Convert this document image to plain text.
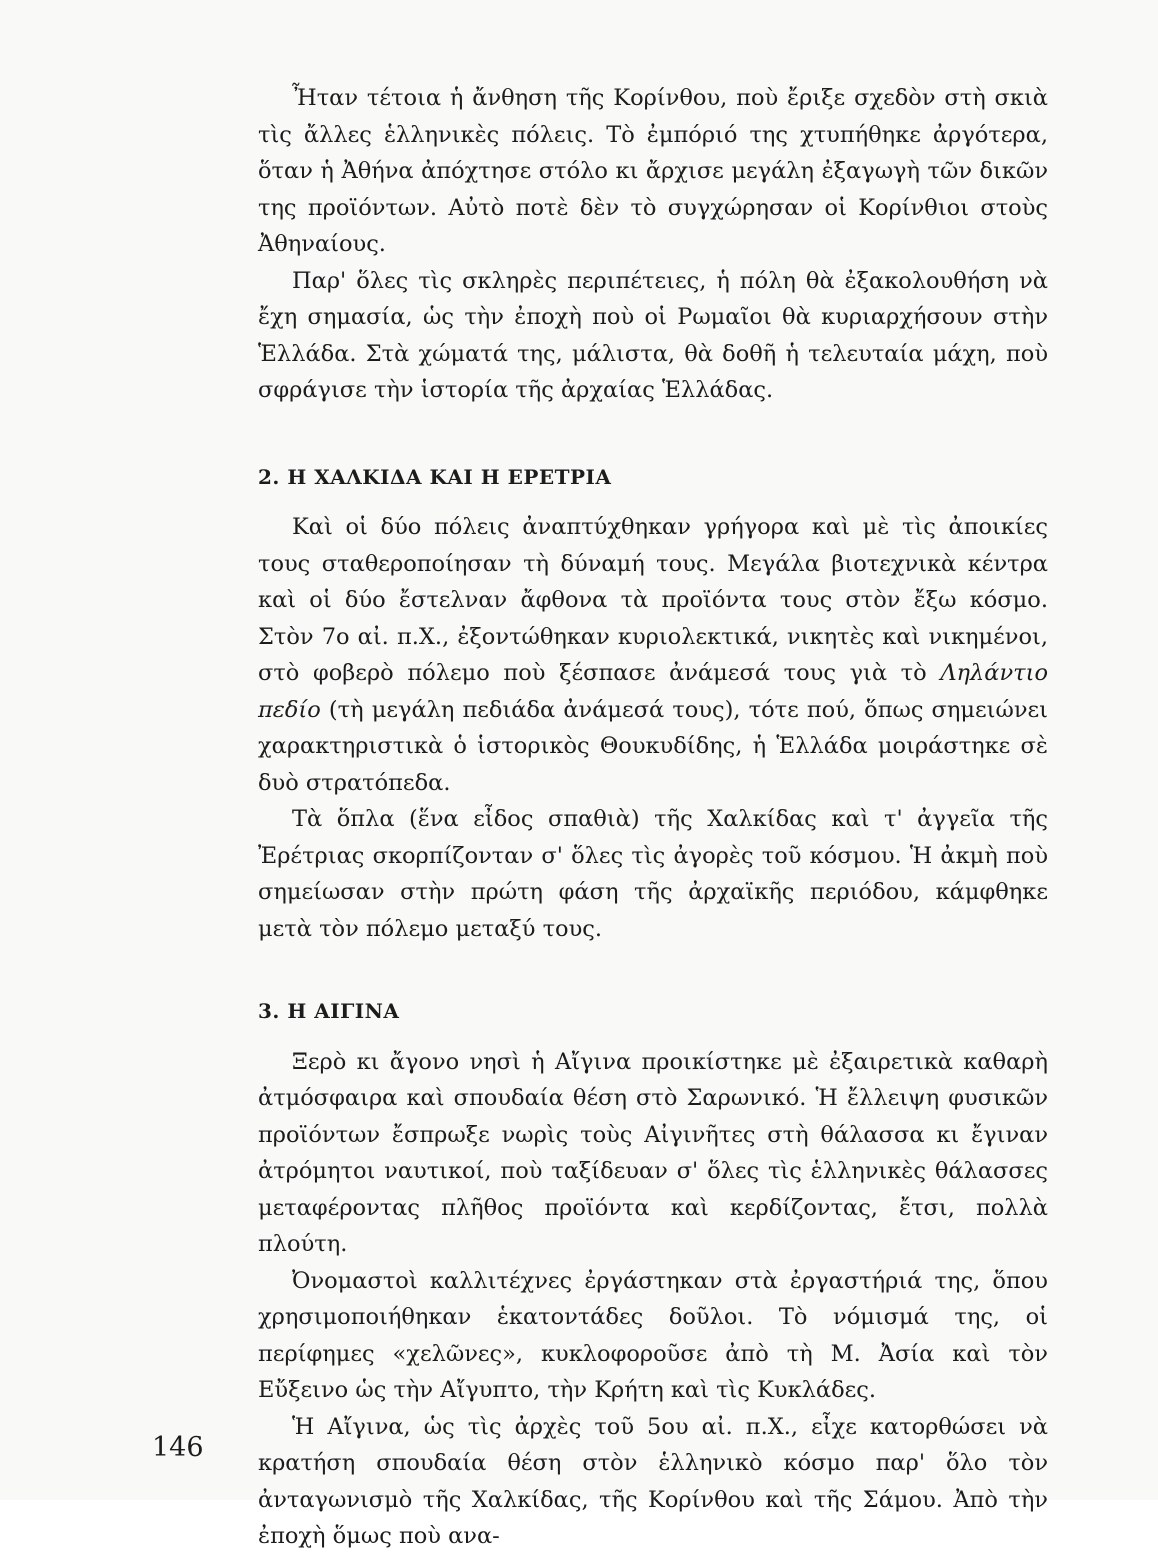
Ἦταν τέτοια ἡ ἄνθηση τῆς Κορίνθου, ποὺ ἔριξε σχεδὸν στὴ σκιὰ τὶς ἄλλες ἑλληνικὲς πόλεις. Τὸ ἐμπόριό της χτυπήθηκε ἀργότερα, ὅταν ἡ Ἀθήνα ἀπόχτησε στόλο κι ἄρχισε μεγάλη ἐξαγωγὴ τῶν δικῶν της προϊόντων. Αὐτὸ ποτὲ δὲν τὸ συγχώρησαν οἱ Κορίνθιοι στοὺς Ἀθηναίους.

Παρ' ὅλες τὶς σκληρὲς περιπέτειες, ἡ πόλη θὰ ἐξακολουθήση νὰ ἔχη σημασία, ὡς τὴν ἐποχὴ ποὺ οἱ Ρωμαῖοι θὰ κυριαρχήσουν στὴν Ἑλλάδα. Στὰ χώματά της, μάλιστα, θὰ δοθῆ ἡ τελευταία μάχη, ποὺ σφράγισε τὴν ἱστορία τῆς ἀρχαίας Ἑλλάδας.

2. Η ΧΑΛΚΙΔΑ ΚΑΙ Η ΕΡΕΤΡΙΑ

Καὶ οἱ δύο πόλεις ἀναπτύχθηκαν γρήγορα καὶ μὲ τὶς ἀποικίες τους σταθεροποίησαν τὴ δύναμή τους. Μεγάλα βιοτεχνικὰ κέντρα καὶ οἱ δύο ἔστελναν ἄφθονα τὰ προϊόντα τους στὸν ἔξω κόσμο. Στὸν 7ο αἰ. π.Χ., ἐξοντώθηκαν κυριολεκτικά, νικητὲς καὶ νικημένοι, στὸ φοβερὸ πόλεμο ποὺ ξέσπασε ἀνάμεσά τους γιὰ τὸ Ληλάντιο πεδίο (τὴ μεγάλη πεδιάδα ἀνάμεσά τους), τότε πού, ὅπως σημειώνει χαρακτηριστικὰ ὁ ἱστορικὸς Θουκυδίδης, ἡ Ἑλλάδα μοιράστηκε σὲ δυὸ στρατόπεδα.

Τὰ ὅπλα (ἕνα εἶδος σπαθιὰ) τῆς Χαλκίδας καὶ τ' ἀγγεῖα τῆς Ἐρέτριας σκορπίζονταν σ' ὅλες τὶς ἀγορὲς τοῦ κόσμου. Ἡ ἀκμὴ ποὺ σημείωσαν στὴν πρώτη φάση τῆς ἀρχαϊκῆς περιόδου, κάμφθηκε μετὰ τὸν πόλεμο μεταξύ τους.

3. Η ΑΙΓΙΝΑ

Ξερὸ κι ἄγονο νησὶ ἡ Αἴγινα προικίστηκε μὲ ἐξαιρετικὰ καθαρὴ ἀτμόσφαιρα καὶ σπουδαία θέση στὸ Σαρωνικό. Ἡ ἔλλειψη φυσικῶν προϊόντων ἔσπρωξε νωρὶς τοὺς Αἰγινῆτες στὴ θάλασσα κι ἔγιναν ἀτρόμητοι ναυτικοί, ποὺ ταξίδευαν σ' ὅλες τὶς ἑλληνικὲς θάλασσες μεταφέροντας πλῆθος προϊόντα καὶ κερδίζοντας, ἔτσι, πολλὰ πλούτη.

Ὀνομαστοὶ καλλιτέχνες ἐργάστηκαν στὰ ἐργαστήριά της, ὅπου χρησιμοποιήθηκαν ἑκατοντάδες δοῦλοι. Τὸ νόμισμά της, οἱ περίφημες «χελῶνες», κυκλοφοροῦσε ἀπὸ τὴ Μ. Ἀσία καὶ τὸν Εὔξεινο ὡς τὴν Αἴγυπτο, τὴν Κρήτη καὶ τὶς Κυκλάδες.

Ἡ Αἴγινα, ὡς τὶς ἀρχὲς τοῦ 5ου αἰ. π.Χ., εἶχε κατορθώσει νὰ κρατήση σπουδαία θέση στὸν ἑλληνικὸ κόσμο παρ' ὅλο τὸν ἀνταγωνισμὸ τῆς Χαλκίδας, τῆς Κορίνθου καὶ τῆς Σάμου. Ἀπὸ τὴν ἐποχὴ ὅμως ποὺ ανα-

146
